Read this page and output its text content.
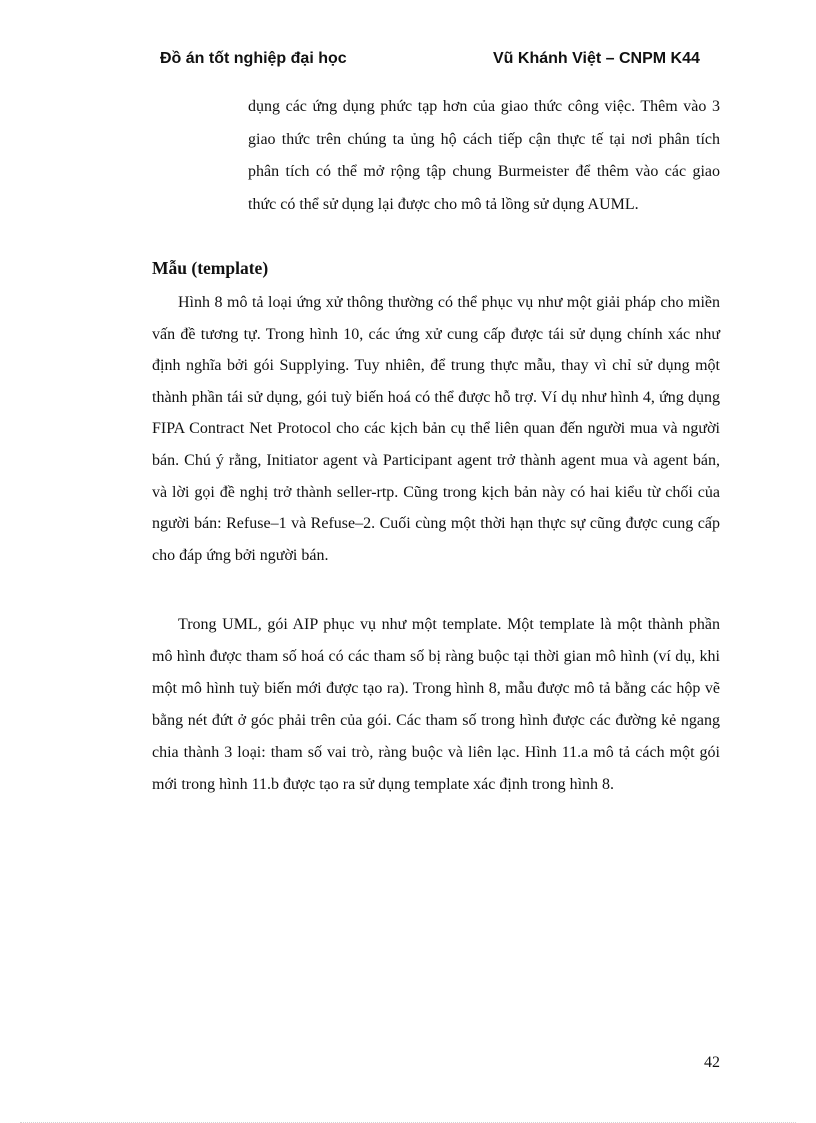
Đồ án tốt nghiệp đại học	Vũ Khánh Việt – CNPM K44
dụng các ứng dụng phức tạp hơn của giao thức công việc. Thêm vào 3 giao thức trên chúng ta ủng hộ cách tiếp cận thực tế tại nơi phân tích phân tích có thể mở rộng tập chung Burmeister để thêm vào các giao thức có thể sử dụng lại được cho mô tả lồng sử dụng AUML.
Mẫu (template)
Hình 8 mô tả loại ứng xử thông thường có thể phục vụ như một giải pháp cho miền vấn đề tương tự. Trong hình 10, các ứng xử cung cấp được tái sử dụng chính xác như định nghĩa bởi gói Supplying. Tuy nhiên, để trung thực mẫu, thay vì chỉ sử dụng một thành phần tái sử dụng, gói tuỳ biến hoá có thể được hỗ trợ. Ví dụ như hình 4, ứng dụng FIPA Contract Net Protocol cho các kịch bản cụ thể liên quan đến người mua và người bán. Chú ý rằng, Initiator agent và Participant agent trở thành agent mua và agent bán, và lời gọi đề nghị trở thành seller-rtp. Cũng trong kịch bản này có hai kiểu từ chối của người bán: Refuse–1 và Refuse–2. Cuối cùng một thời hạn thực sự cũng được cung cấp cho đáp ứng bởi người bán.
Trong UML, gói AIP phục vụ như một template. Một template là một thành phần mô hình được tham số hoá có các tham số bị ràng buộc tại thời gian mô hình (ví dụ, khi một mô hình tuỳ biến mới được tạo ra). Trong hình 8, mẫu được mô tả bằng các hộp vẽ bằng nét đứt ở góc phải trên của gói. Các tham số trong hình được các đường kẻ ngang chia thành 3 loại: tham số vai trò, ràng buộc và liên lạc. Hình 11.a mô tả cách một gói mới trong hình 11.b được tạo ra sử dụng template xác định trong hình 8.
42
